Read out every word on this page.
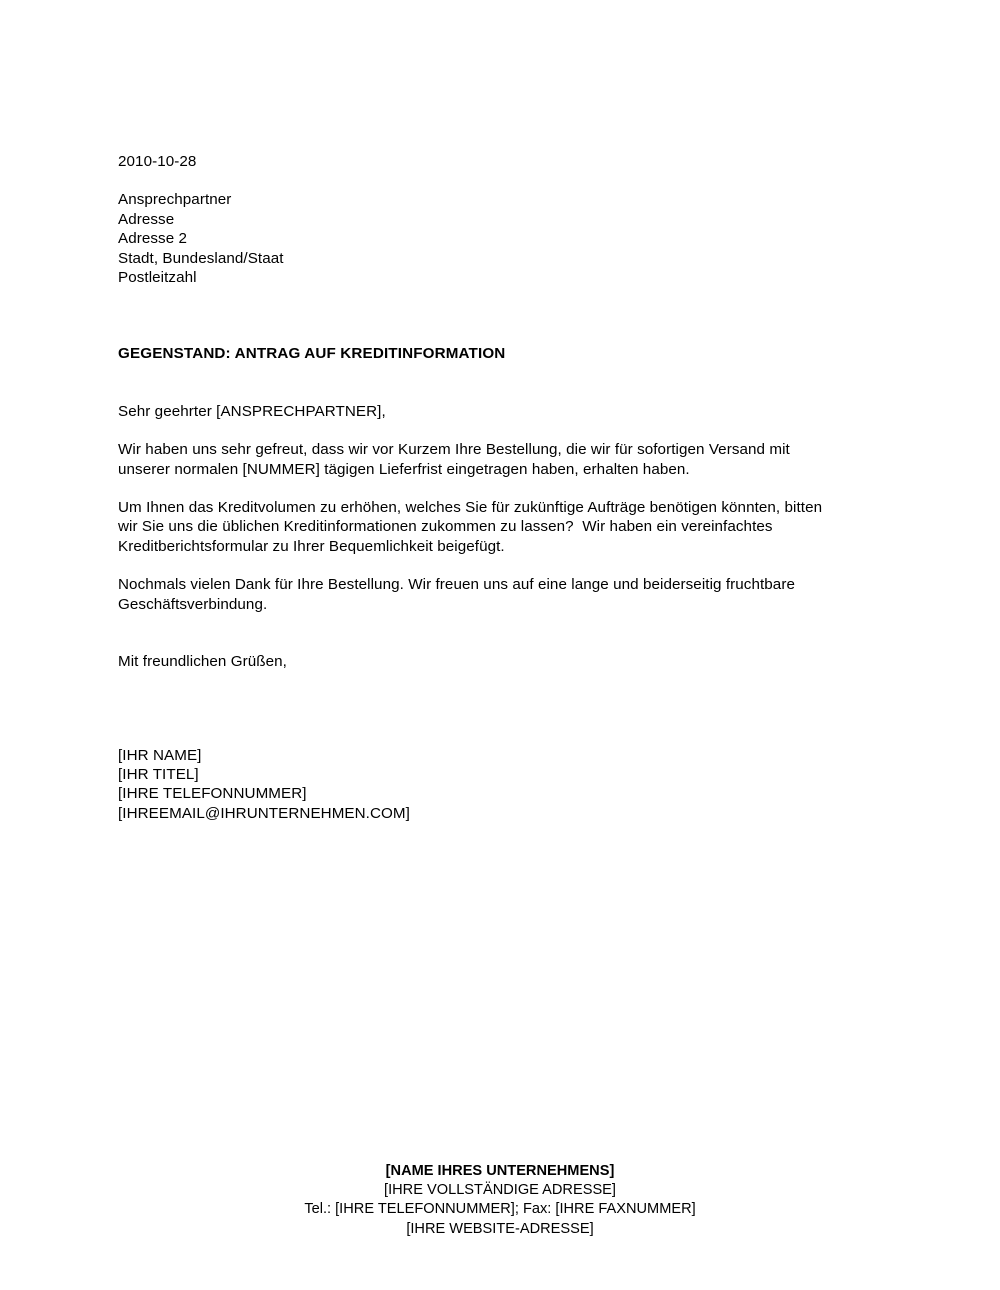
2010-10-28
Ansprechpartner
Adresse
Adresse 2
Stadt, Bundesland/Staat
Postleitzahl
GEGENSTAND: ANTRAG AUF KREDITINFORMATION
Sehr geehrter [ANSPRECHPARTNER],

Wir haben uns sehr gefreut, dass wir vor Kurzem Ihre Bestellung, die wir für sofortigen Versand mit unserer normalen [NUMMER] tägigen Lieferfrist eingetragen haben, erhalten haben.

Um Ihnen das Kreditvolumen zu erhöhen, welches Sie für zukünftige Aufträge benötigen könnten, bitten wir Sie uns die üblichen Kreditinformationen zukommen zu lassen?  Wir haben ein vereinfachtes Kreditberichtsformular zu Ihrer Bequemlichkeit beigefügt.

Nochmals vielen Dank für Ihre Bestellung. Wir freuen uns auf eine lange und beiderseitig fruchtbare Geschäftsverbindung.

Mit freundlichen Grüßen,
[IHR NAME]
[IHR TITEL]
[IHRE TELEFONNUMMER]
[IHREEMAIL@IHRUNTERNEHMEN.COM]
[NAME IHRES UNTERNEHMENS]
[IHRE VOLLSTÄNDIGE ADRESSE]
Tel.: [IHRE TELEFONNUMMER]; Fax: [IHRE FAXNUMMER]
[IHRE WEBSITE-ADRESSE]
